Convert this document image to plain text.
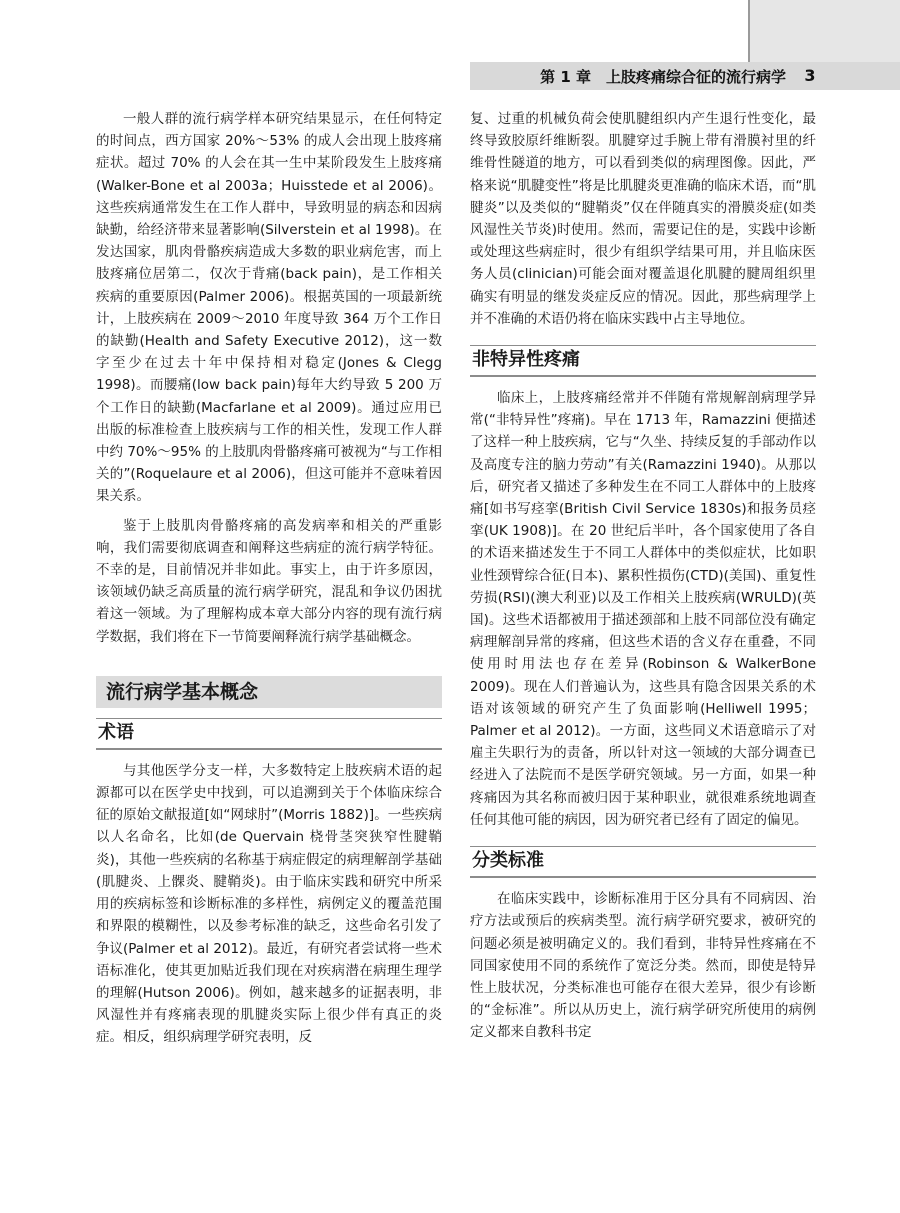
第 1 章　上肢疼痛综合征的流行病学	3

一般人群的流行病学样本研究结果显示，在任何特定的时间点，西方国家 20%～53% 的成人会出现上肢疼痛症状。超过 70% 的人会在其一生中某阶段发生上肢疼痛(Walker-Bone et al 2003a；Huisstede et al 2006)。这些疾病通常发生在工作人群中，导致明显的病态和因病缺勤，给经济带来显著影响(Silverstein et al 1998)。在发达国家，肌肉骨骼疾病造成大多数的职业病危害，而上肢疼痛位居第二，仅次于背痛(back pain)，是工作相关疾病的重要原因(Palmer 2006)。根据英国的一项最新统计，上肢疾病在 2009～2010 年度导致 364 万个工作日的缺勤(Health and Safety Executive 2012)，这一数字至少在过去十年中保持相对稳定(Jones & Clegg 1998)。而腰痛(low back pain)每年大约导致 5 200 万个工作日的缺勤(Macfarlane et al 2009)。通过应用已出版的标准检查上肢疾病与工作的相关性，发现工作人群中约 70%～95% 的上肢肌肉骨骼疼痛可被视为“与工作相关的”(Roquelaure et al 2006)，但这可能并不意味着因果关系。

鉴于上肢肌肉骨骼疼痛的高发病率和相关的严重影响，我们需要彻底调查和阐释这些病症的流行病学特征。不幸的是，目前情况并非如此。事实上，由于许多原因，该领域仍缺乏高质量的流行病学研究，混乱和争议仍困扰着这一领域。为了理解构成本章大部分内容的现有流行病学数据，我们将在下一节简要阐释流行病学基础概念。

流行病学基本概念
术语

与其他医学分支一样，大多数特定上肢疾病术语的起源都可以在医学史中找到，可以追溯到关于个体临床综合征的原始文献报道[如“网球肘”(Morris 1882)]。一些疾病以人名命名，比如(de Quervain 桡骨茎突狭窄性腱鞘炎)，其他一些疾病的名称基于病症假定的病理解剖学基础(肌腱炎、上髁炎、腱鞘炎)。由于临床实践和研究中所采用的疾病标签和诊断标准的多样性，病例定义的覆盖范围和界限的模糊性，以及参考标准的缺乏，这些命名引发了争议(Palmer et al 2012)。最近，有研究者尝试将一些术语标准化，使其更加贴近我们现在对疾病潜在病理生理学的理解(Hutson 2006)。例如，越来越多的证据表明，非风湿性并有疼痛表现的肌腱炎实际上很少伴有真正的炎症。相反，组织病理学研究表明，反

复、过重的机械负荷会使肌腱组织内产生退行性变化，最终导致胶原纤维断裂。肌腱穿过手腕上带有滑膜衬里的纤维骨性隧道的地方，可以看到类似的病理图像。因此，严格来说“肌腱变性”将是比肌腱炎更准确的临床术语，而“肌腱炎”以及类似的“腱鞘炎”仅在伴随真实的滑膜炎症(如类风湿性关节炎)时使用。然而，需要记住的是，实践中诊断或处理这些病症时，很少有组织学结果可用，并且临床医务人员(clinician)可能会面对覆盖退化肌腱的腱周组织里确实有明显的继发炎症反应的情况。因此，那些病理学上并不准确的术语仍将在临床实践中占主导地位。

非特异性疼痛

临床上，上肢疼痛经常并不伴随有常规解剖病理学异常(“非特异性”疼痛)。早在 1713 年，Ramazzini 便描述了这样一种上肢疾病，它与“久坐、持续反复的手部动作以及高度专注的脑力劳动”有关(Ramazzini 1940)。从那以后，研究者又描述了多种发生在不同工人群体中的上肢疼痛[如书写痉挛(British Civil Service 1830s)和报务员痉挛(UK 1908)]。在 20 世纪后半叶，各个国家使用了各自的术语来描述发生于不同工人群体中的类似症状，比如职业性颈臂综合征(日本)、累积性损伤(CTD)(美国)、重复性劳损(RSI)(澳大利亚)以及工作相关上肢疾病(WRULD)(英国)。这些术语都被用于描述颈部和上肢不同部位没有确定病理解剖异常的疼痛，但这些术语的含义存在重叠，不同使用时用法也存在差异(Robinson & WalkerBone 2009)。现在人们普遍认为，这些具有隐含因果关系的术语对该领域的研究产生了负面影响(Helliwell 1995；Palmer et al 2012)。一方面，这些同义术语意暗示了对雇主失职行为的责备，所以针对这一领域的大部分调查已经进入了法院而不是医学研究领域。另一方面，如果一种疼痛因为其名称而被归因于某种职业，就很难系统地调查任何其他可能的病因，因为研究者已经有了固定的偏见。

分类标准

在临床实践中，诊断标准用于区分具有不同病因、治疗方法或预后的疾病类型。流行病学研究要求，被研究的问题必须是被明确定义的。我们看到，非特异性疼痛在不同国家使用不同的系统作了宽泛分类。然而，即使是特异性上肢状况，分类标准也可能存在很大差异，很少有诊断的“金标准”。所以从历史上，流行病学研究所使用的病例定义都来自教科书定
